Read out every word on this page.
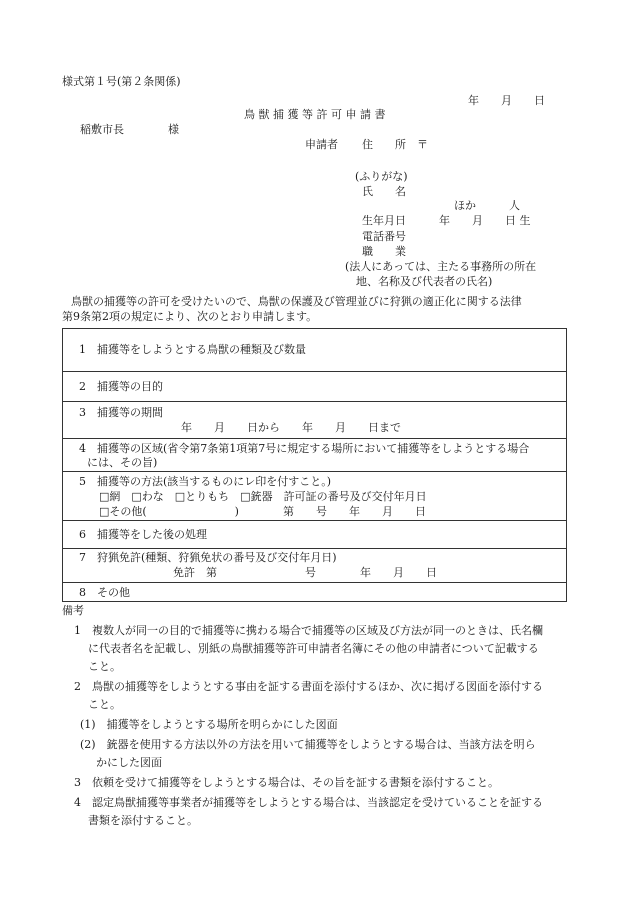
様式第１号(第２条関係)
年　　月　　日
鳥 獣 捕 獲 等 許 可 申 請 書
稲敷市長　　　　様
申請者 住　　所　〒
(ふりがな)
氏　　名
ほか　　　人
生年月日　　　年　　月　　日 生
電話番号
職　　業
(法人にあっては、主たる事務所の所在
地、名称及び代表者の氏名)
鳥獣の捕獲等の許可を受けたいので、鳥獣の保護及び管理並びに狩猟の適正化に関する法律
第9条第2項の規定により、次のとおり申請します。
1　捕獲等をしようとする鳥獣の種類及び数量
2　捕獲等の目的
3　捕獲等の期間
年　　月　　日から　　年　　月　　日まで
4　捕獲等の区域(省令第7条第1項第7号に規定する場所において捕獲等をしようとする場合
には、その旨)
5　捕獲等の方法(該当するものにレ印を付すこと。)
□網　□わな　□とりもち　□銃器　許可証の番号及び交付年月日
□その他(　　　　　　　　)　　　　第　　号　　年　　月　　日
6　捕獲等をした後の処理
7　狩猟免許(種類、狩猟免状の番号及び交付年月日)
免許　第　　　　　　　　号　　　　年　　月　　日
8　その他
備考
1　複数人が同一の目的で捕獲等に携わる場合で捕獲等の区域及び方法が同一のときは、氏名欄
に代表者名を記載し、別紙の鳥獣捕獲等許可申請者名簿にその他の申請者について記載する
こと。
2　鳥獣の捕獲等をしようとする事由を証する書面を添付するほか、次に掲げる図面を添付する
こと。
(1)　捕獲等をしようとする場所を明らかにした図面
(2)　銃器を使用する方法以外の方法を用いて捕獲等をしようとする場合は、当該方法を明ら
かにした図面
3　依頼を受けて捕獲等をしようとする場合は、その旨を証する書類を添付すること。
4　認定鳥獣捕獲等事業者が捕獲等をしようとする場合は、当該認定を受けていることを証する
書類を添付すること。
